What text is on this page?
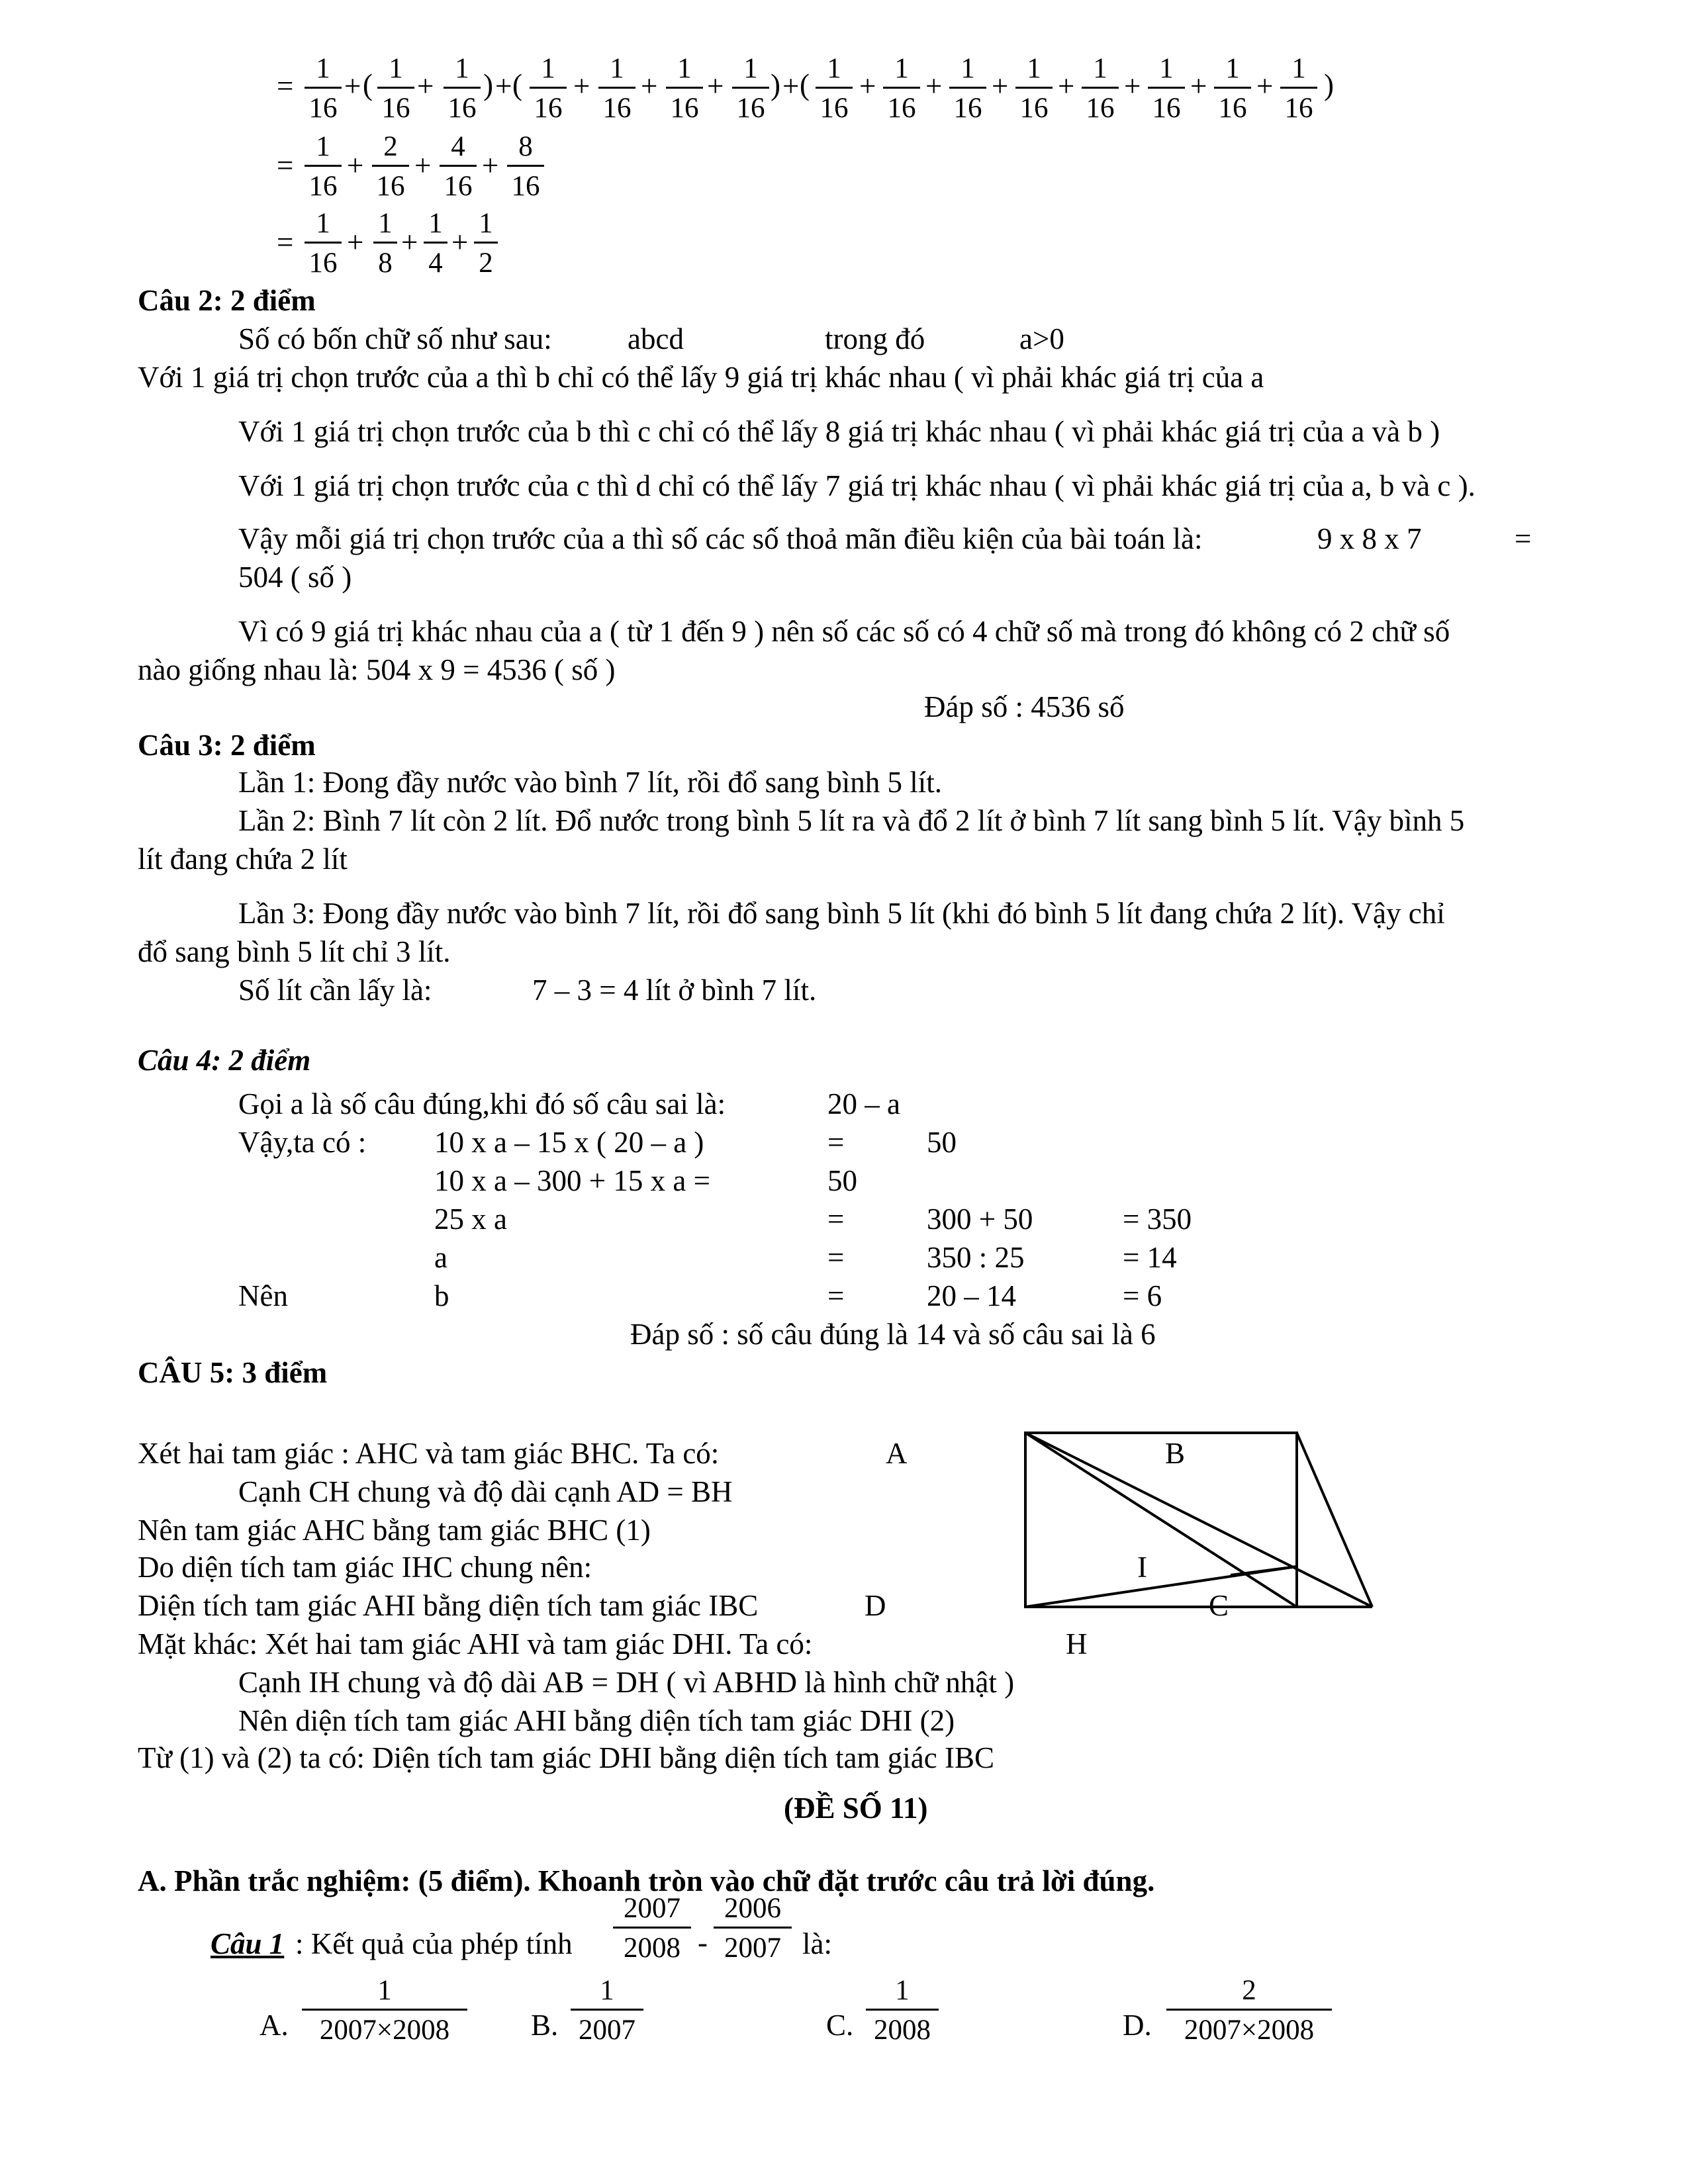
= $\frac{1}{16}$ + ( $\frac{1}{16} + \frac{1}{16}$ ) + ( $\frac{1}{16} + \frac{1}{16} + \frac{1}{16} + \frac{1}{16}$ ) + ( $\frac{1}{16} + \frac{1}{16} + \frac{1}{16} + \frac{1}{16} + \frac{1}{16} + \frac{1}{16} + \frac{1}{16} + \frac{1}{16}$ )
= $\frac{1}{16} + \frac{2}{16} + \frac{4}{16} + \frac{8}{16}$
= $\frac{1}{16} + \frac{1}{8} + \frac{1}{4} + \frac{1}{2}$
Câu 2: 2 điểm
Số có bốn chữ số như sau:	abcd	trong đó	a>0
Với 1 giá trị chọn trước của a thì b chỉ có thể lấy 9 giá trị khác nhau ( vì phải khác giá trị của a
Với 1 giá trị chọn trước của b thì c chỉ có thể lấy 8 giá trị khác nhau ( vì phải khác giá trị của a và b )
Với 1 giá trị chọn trước của c thì d chỉ có thể lấy 7 giá trị khác nhau ( vì phải khác giá trị của a, b và c ).
Vậy mỗi giá trị chọn trước của a thì số các số thoả mãn điều kiện của bài toán là:	9 x 8 x 7	=
504 ( số )
Vì có 9 giá trị khác nhau của a ( từ 1 đến 9 ) nên số các số có 4 chữ số mà trong đó không có 2 chữ số
nào giống nhau là: 504 x 9 = 4536 ( số )
Đáp số : 4536 số
Câu 3: 2 điểm
Lần 1: Đong đầy nước vào bình 7 lít, rồi đổ sang bình 5 lít.
Lần 2: Bình 7 lít còn 2 lít. Đổ nước trong bình 5 lít ra và đổ 2 lít ở bình 7 lít sang bình 5 lít. Vậy bình 5
lít đang chứa 2 lít
Lần 3: Đong đầy nước vào bình 7 lít, rồi đổ sang bình 5 lít (khi đó bình 5 lít đang chứa 2 lít). Vậy chỉ
đổ sang bình 5 lít chỉ 3 lít.
Số lít cần lấy là:	7 – 3 = 4 lít ở bình 7 lít.
Câu 4: 2 điểm
Gọi a là số câu đúng,khi đó số câu sai là:	20 – a
Vậy,ta có : 10 x a – 15 x ( 20 – a )	=	50
10 x a – 300 + 15 x a =	50
25 x a	=	300 + 50	= 350
a	=	350 : 25	= 14
Nên	b	=	20 – 14	= 6
Đáp số : số câu đúng là 14 và số câu sai là 6
CÂU 5: 3 điểm
Xét hai tam giác : AHC và tam giác BHC. Ta có:
Cạnh CH chung và độ dài cạnh AD = BH
Nên tam giác AHC bằng tam giác BHC (1)
Do diện tích tam giác IHC chung nên:
Diện tích tam giác AHI bằng diện tích tam giác IBC
Mặt khác: Xét hai tam giác AHI và tam giác DHI. Ta có:
Cạnh IH chung và độ dài AB = DH ( vì ABHD là hình chữ nhật )
Nên diện tích tam giác AHI bằng diện tích tam giác DHI (2)
Từ (1) và (2) ta có: Diện tích tam giác DHI bằng diện tích tam giác IBC
A	B
I
C
D
H
(ĐỀ SỐ 11)
A. Phần trắc nghiệm: (5 điểm). Khoanh tròn vào chữ đặt trước câu trả lời đúng.
Câu 1 : Kết quả của phép tính $\frac{2007}{2008} - \frac{2006}{2007}$ là:
A. $\frac{1}{2007\times 2008} B$. $\frac{1}{2007}$	C. $\frac{1}{2008}$	D. $\frac{2}{2007\times 2008}$
